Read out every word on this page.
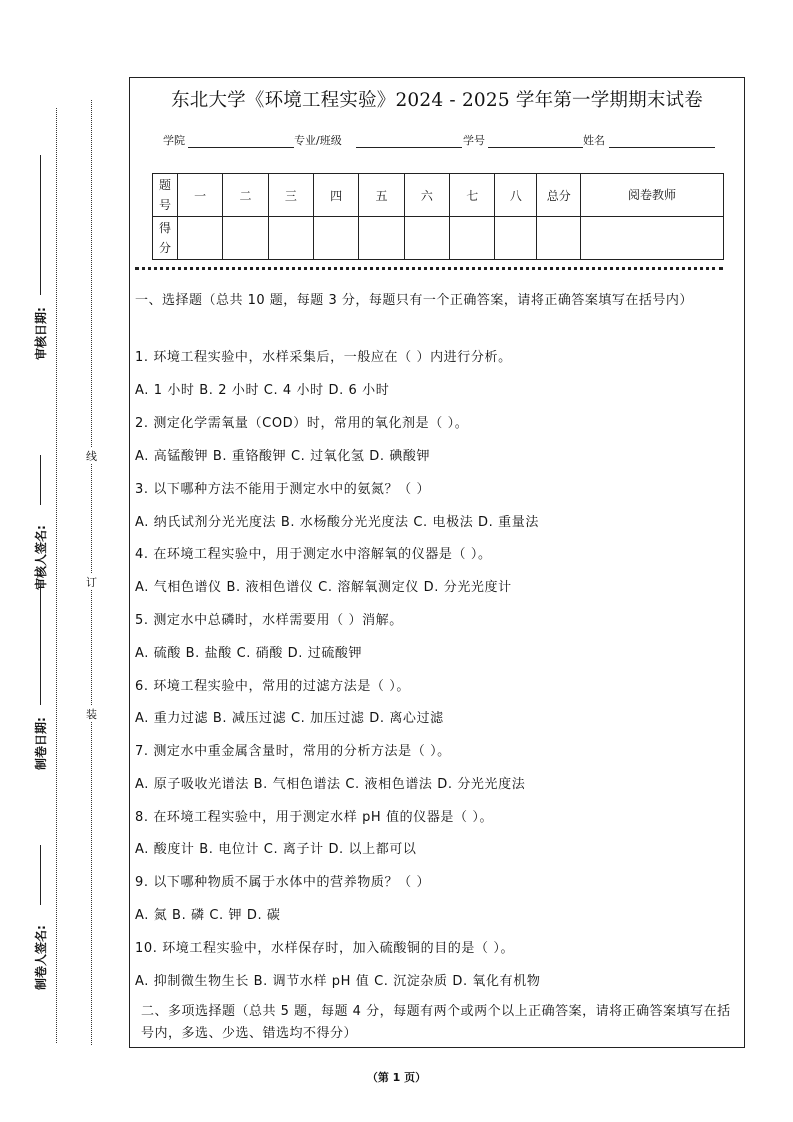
审核日期:
审核人签名:
制卷日期:
制卷人签名:
线
订
装
东北大学《环境工程实验》2024 - 2025 学年第一学期期末试卷
学院	专业/班级	学号	姓名
题号	一	二	三	四	五	六	七	八	总分	阅卷教师
得分										
一、选择题（总共 10 题，每题 3 分，每题只有一个正确答案，请将正确答案填写在括号内）
1. 环境工程实验中，水样采集后，一般应在（ ）内进行分析。
A. 1 小时 B. 2 小时 C. 4 小时 D. 6 小时
2. 测定化学需氧量（COD）时，常用的氧化剂是（ ）。
A. 高锰酸钾 B. 重铬酸钾 C. 过氧化氢 D. 碘酸钾
3. 以下哪种方法不能用于测定水中的氨氮？（ ）
A. 纳氏试剂分光光度法 B. 水杨酸分光光度法 C. 电极法 D. 重量法
4. 在环境工程实验中，用于测定水中溶解氧的仪器是（ ）。
A. 气相色谱仪 B. 液相色谱仪 C. 溶解氧测定仪 D. 分光光度计
5. 测定水中总磷时，水样需要用（ ）消解。
A. 硫酸 B. 盐酸 C. 硝酸 D. 过硫酸钾
6. 环境工程实验中，常用的过滤方法是（ ）。
A. 重力过滤 B. 减压过滤 C. 加压过滤 D. 离心过滤
7. 测定水中重金属含量时，常用的分析方法是（ ）。
A. 原子吸收光谱法 B. 气相色谱法 C. 液相色谱法 D. 分光光度法
8. 在环境工程实验中，用于测定水样 pH 值的仪器是（ ）。
A. 酸度计 B. 电位计 C. 离子计 D. 以上都可以
9. 以下哪种物质不属于水体中的营养物质？（ ）
A. 氮 B. 磷 C. 钾 D. 碳
10. 环境工程实验中，水样保存时，加入硫酸铜的目的是（ ）。
A. 抑制微生物生长 B. 调节水样 pH 值 C. 沉淀杂质 D. 氧化有机物
二、多项选择题（总共 5 题，每题 4 分，每题有两个或两个以上正确答案，请将正确答案填写在括号内，多选、少选、错选均不得分）
（第 1 页）
